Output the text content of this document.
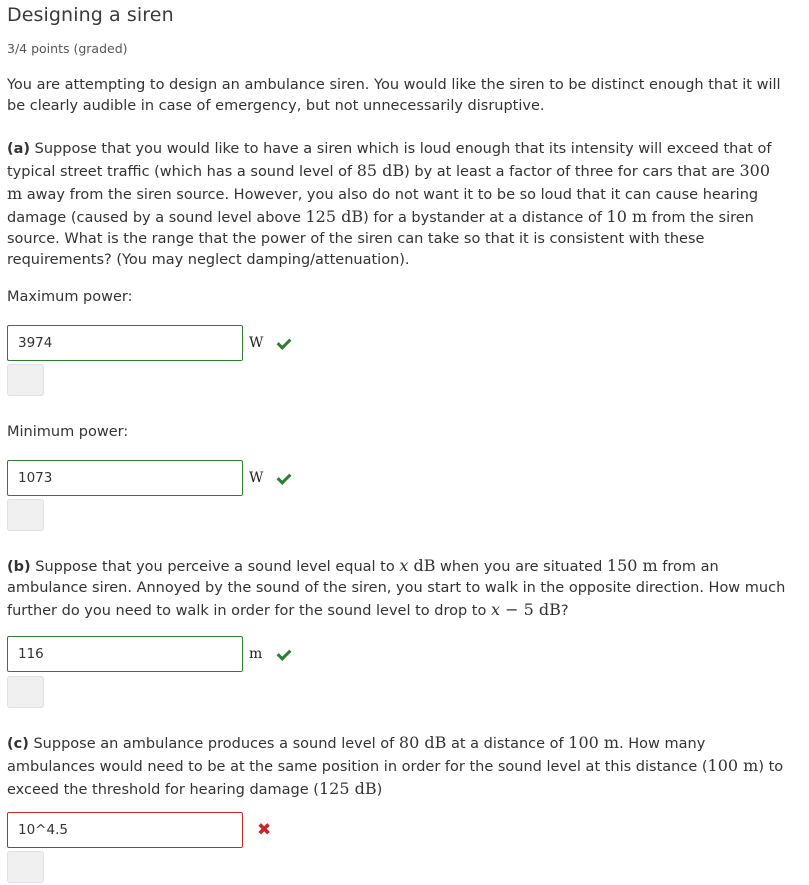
Designing a siren
3/4 points (graded)
You are attempting to design an ambulance siren. You would like the siren to be distinct enough that it will be clearly audible in case of emergency, but not unnecessarily disruptive.
(a) Suppose that you would like to have a siren which is loud enough that its intensity will exceed that of typical street traffic (which has a sound level of 85 dB) by at least a factor of three for cars that are 300 m away from the siren source. However, you also do not want it to be so loud that it can cause hearing damage (caused by a sound level above 125 dB) for a bystander at a distance of 10 m from the siren source. What is the range that the power of the siren can take so that it is consistent with these requirements? (You may neglect damping/attenuation).
Maximum power:
3974	W
Minimum power:
1073	W
(b) Suppose that you perceive a sound level equal to x dB when you are situated 150 m from an ambulance siren. Annoyed by the sound of the siren, you start to walk in the opposite direction. How much further do you need to walk in order for the sound level to drop to x − 5 dB?
116	m
(c) Suppose an ambulance produces a sound level of 80 dB at a distance of 100 m. How many ambulances would need to be at the same position in order for the sound level at this distance (100 m) to exceed the threshold for hearing damage (125 dB)
10^4.5	✖
